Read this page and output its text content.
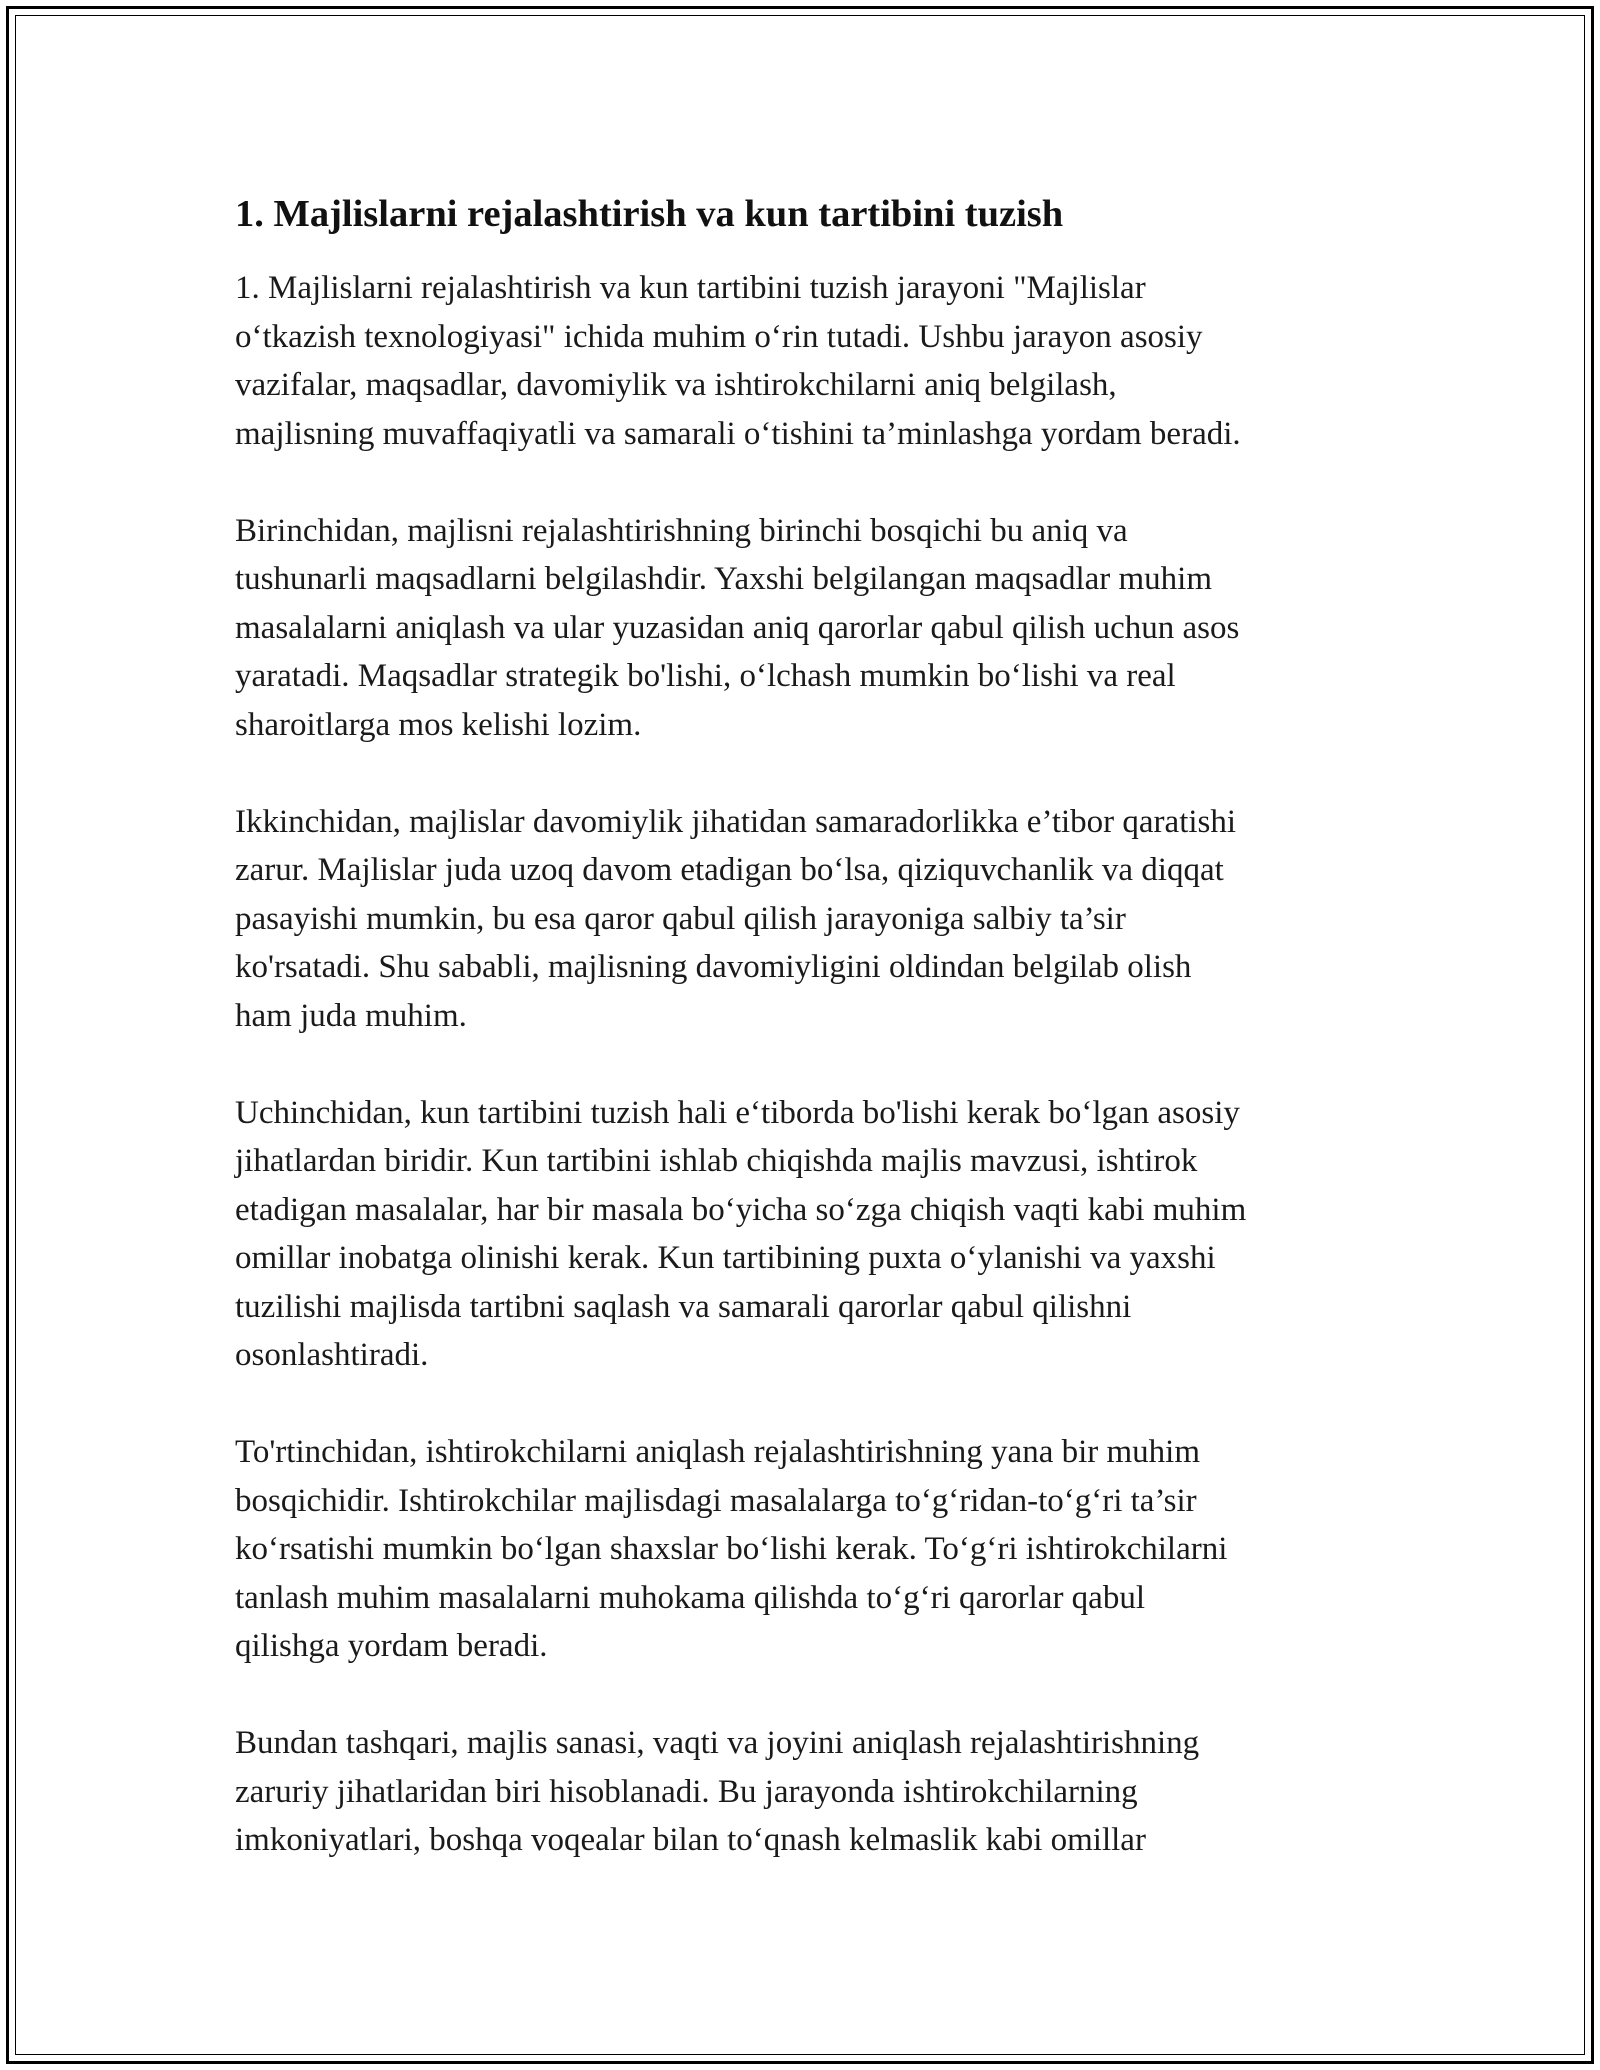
1. Majlislarni rejalashtirish va kun tartibini tuzish

1. Majlislarni rejalashtirish va kun tartibini tuzish jarayoni "Majlislar
o‘tkazish texnologiyasi" ichida muhim o‘rin tutadi. Ushbu jarayon asosiy
vazifalar, maqsadlar, davomiylik va ishtirokchilarni aniq belgilash,
majlisning muvaffaqiyatli va samarali o‘tishini ta’minlashga yordam beradi.

Birinchidan, majlisni rejalashtirishning birinchi bosqichi bu aniq va
tushunarli maqsadlarni belgilashdir. Yaxshi belgilangan maqsadlar muhim
masalalarni aniqlash va ular yuzasidan aniq qarorlar qabul qilish uchun asos
yaratadi. Maqsadlar strategik bo'lishi, o‘lchash mumkin bo‘lishi va real
sharoitlarga mos kelishi lozim.

Ikkinchidan, majlislar davomiylik jihatidan samaradorlikka e’tibor qaratishi
zarur. Majlislar juda uzoq davom etadigan bo‘lsa, qiziquvchanlik va diqqat
pasayishi mumkin, bu esa qaror qabul qilish jarayoniga salbiy ta’sir
ko'rsatadi. Shu sababli, majlisning davomiyligini oldindan belgilab olish
ham juda muhim.

Uchinchidan, kun tartibini tuzish hali e‘tiborda bo'lishi kerak bo‘lgan asosiy
jihatlardan biridir. Kun tartibini ishlab chiqishda majlis mavzusi, ishtirok
etadigan masalalar, har bir masala bo‘yicha so‘zga chiqish vaqti kabi muhim
omillar inobatga olinishi kerak. Kun tartibining puxta o‘ylanishi va yaxshi
tuzilishi majlisda tartibni saqlash va samarali qarorlar qabul qilishni
osonlashtiradi.

To'rtinchidan, ishtirokchilarni aniqlash rejalashtirishning yana bir muhim
bosqichidir. Ishtirokchilar majlisdagi masalalarga to‘g‘ridan-to‘g‘ri ta’sir
ko‘rsatishi mumkin bo‘lgan shaxslar bo‘lishi kerak. To‘g‘ri ishtirokchilarni
tanlash muhim masalalarni muhokama qilishda to‘g‘ri qarorlar qabul
qilishga yordam beradi.

Bundan tashqari, majlis sanasi, vaqti va joyini aniqlash rejalashtirishning
zaruriy jihatlaridan biri hisoblanadi. Bu jarayonda ishtirokchilarning
imkoniyatlari, boshqa voqealar bilan to‘qnash kelmaslik kabi omillar
